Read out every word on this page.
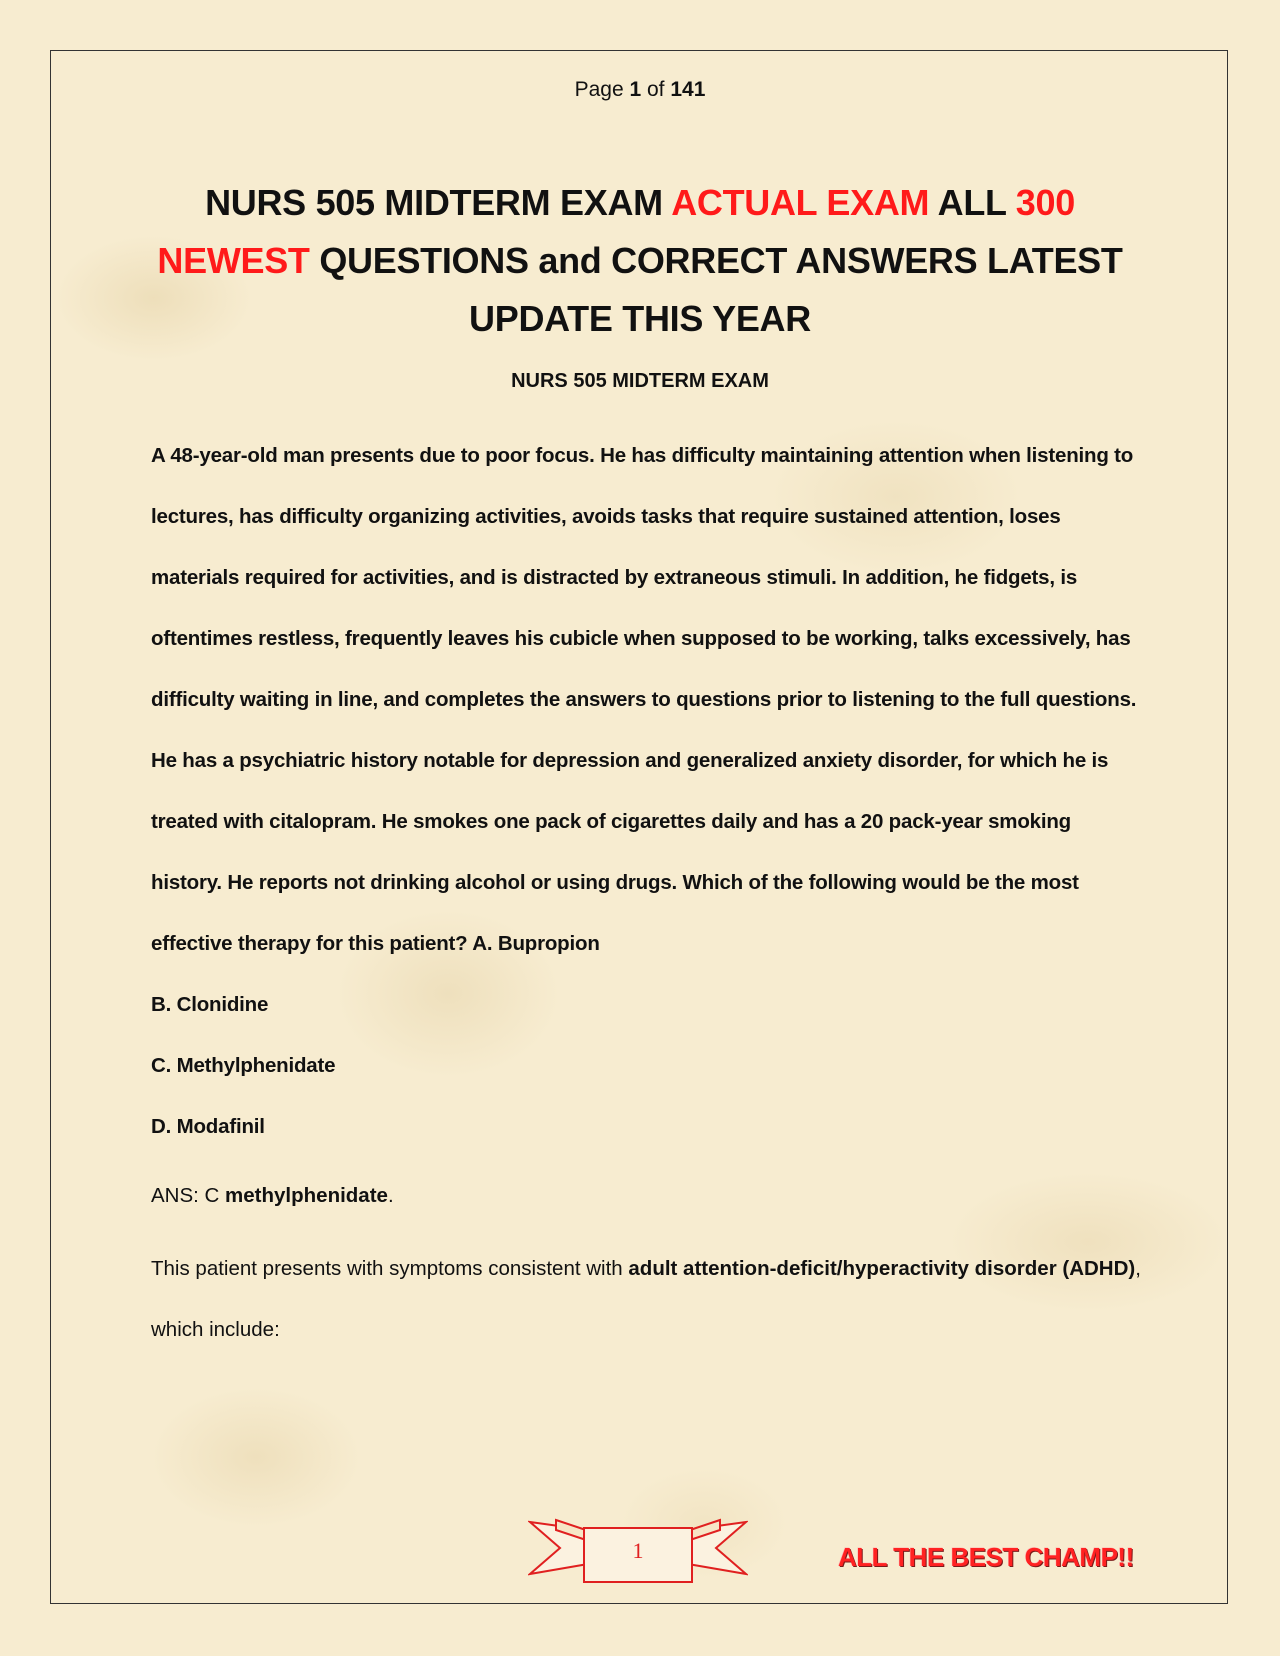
Page 1 of 141
NURS 505 MIDTERM EXAM ACTUAL EXAM ALL 300
NEWEST QUESTIONS and CORRECT ANSWERS LATEST UPDATE THIS YEAR
NURS 505 MIDTERM EXAM

A 48-year-old man presents due to poor focus. He has difficulty maintaining attention when listening to lectures, has difficulty organizing activities, avoids tasks that require sustained attention, loses materials required for activities, and is distracted by extraneous stimuli. In addition, he fidgets, is oftentimes restless, frequently leaves his cubicle when supposed to be working, talks excessively, has difficulty waiting in line, and completes the answers to questions prior to listening to the full questions. He has a psychiatric history notable for depression and generalized anxiety disorder, for which he is treated with citalopram. He smokes one pack of cigarettes daily and has a 20 pack-year smoking history. He reports not drinking alcohol or using drugs. Which of the following would be the most effective therapy for this patient? A. Bupropion

B. Clonidine
C. Methylphenidate
D. Modafinil
ANS: C methylphenidate.
This patient presents with symptoms consistent with adult attention-deficit/hyperactivity disorder (ADHD), which include:
1	ALL THE BEST CHAMP!!
